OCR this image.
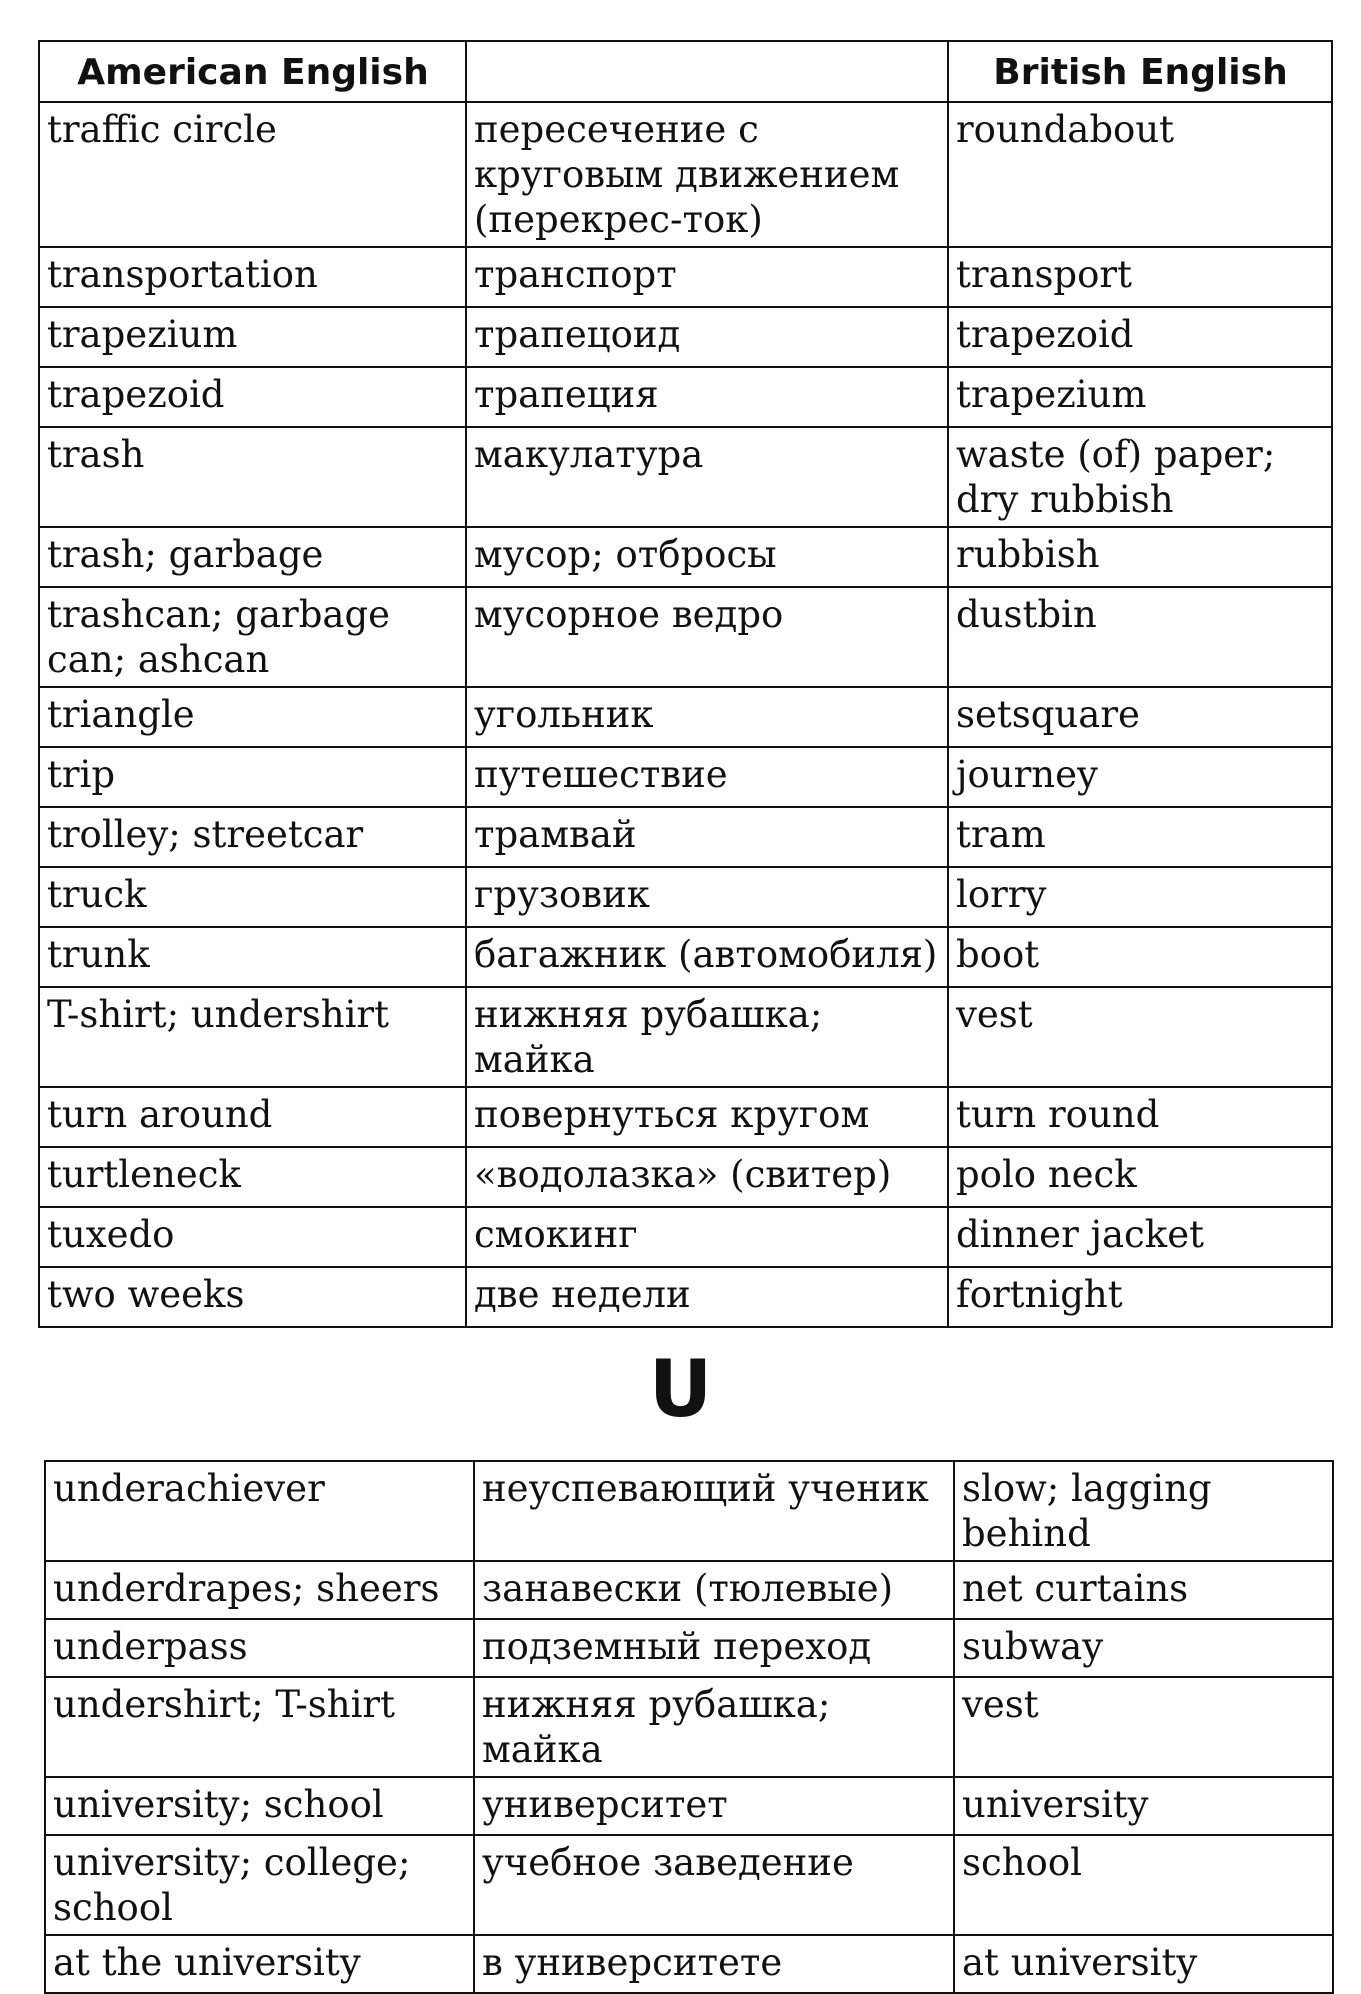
American English		British English
traffic circle	пересечение с круговым движением (перекрес-ток)	roundabout
transportation	транспорт	transport
trapezium	трапецоид	trapezoid
trapezoid	трапеция	trapezium
trash	макулатура	waste (of) paper; dry rubbish
trash; garbage	мусор; отбросы	rubbish
trashcan; garbage can; ashcan	мусорное ведро	dustbin
triangle	угольник	setsquare
trip	путешествие	journey
trolley; streetcar	трамвай	tram
truck	грузовик	lorry
trunk	багажник (автомобиля)	boot
T-shirt; undershirt	нижняя рубашка; майка	vest
turn around	повернуться кругом	turn round
turtleneck	«водолазка» (свитер)	polo neck
tuxedo	смокинг	dinner jacket
two weeks	две недели	fortnight
U
underachiever	неуспевающий ученик	slow; lagging behind
underdrapes; sheers	занавески (тюлевые)	net curtains
underpass	подземный переход	subway
undershirt; T-shirt	нижняя рубашка; майка	vest
university; school	университет	university
university; college; school	учебное заведение	school
at the university	в университете	at university
